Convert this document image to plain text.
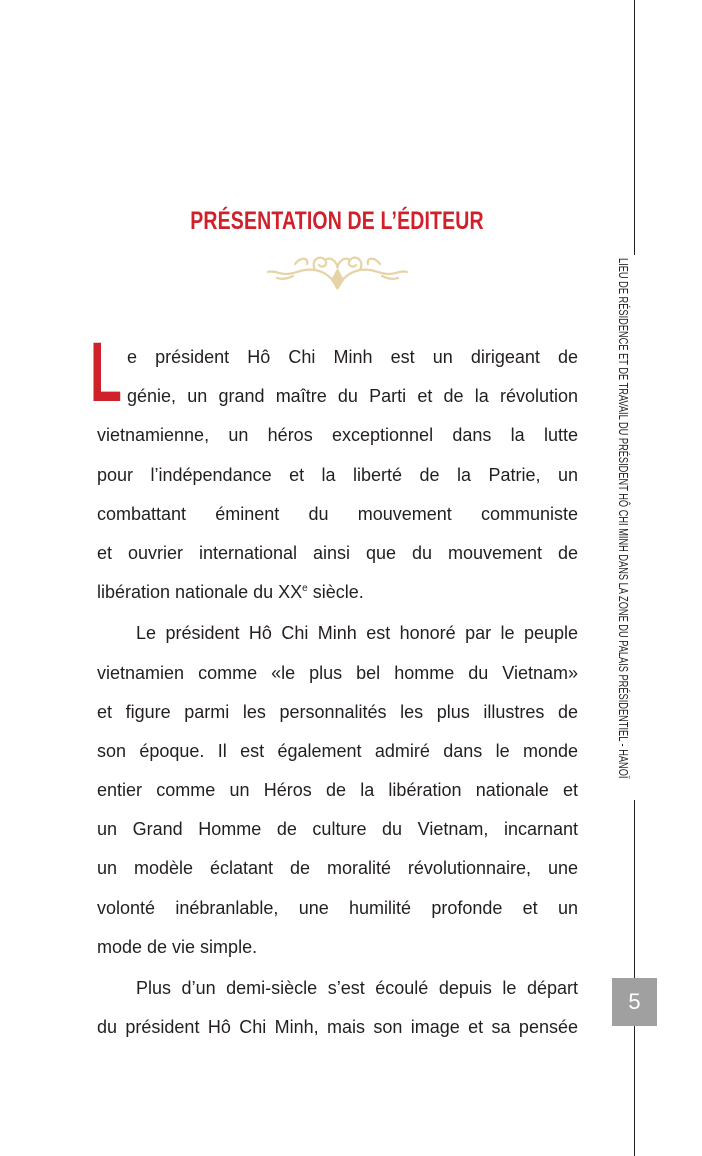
LIEU DE RÉSIDENCE ET DE TRAVAIL DU PRÉSIDENT HÔ CHI MINH DANS LA ZONE DU PALAIS PRÉSIDENTIEL - HANOÏ
5
PRÉSENTATION DE L’ÉDITEUR
L e président Hô Chi Minh est un dirigeant de
génie, un grand maître du Parti et de la révolution
vietnamienne, un héros exceptionnel dans la lutte
pour l’indépendance et la liberté de la Patrie, un
combattant éminent du mouvement communiste
et ouvrier international ainsi que du mouvement de
libération nationale du XXe siècle.
Le président Hô Chi Minh est honoré par le peuple
vietnamien comme «le plus bel homme du Vietnam»
et figure parmi les personnalités les plus illustres de
son époque. Il est également admiré dans le monde
entier comme un Héros de la libération nationale et
un Grand Homme de culture du Vietnam, incarnant
un modèle éclatant de moralité révolutionnaire, une
volonté inébranlable, une humilité profonde et un
mode de vie simple.
Plus d’un demi-siècle s’est écoulé depuis le départ
du président Hô Chi Minh, mais son image et sa pensée
